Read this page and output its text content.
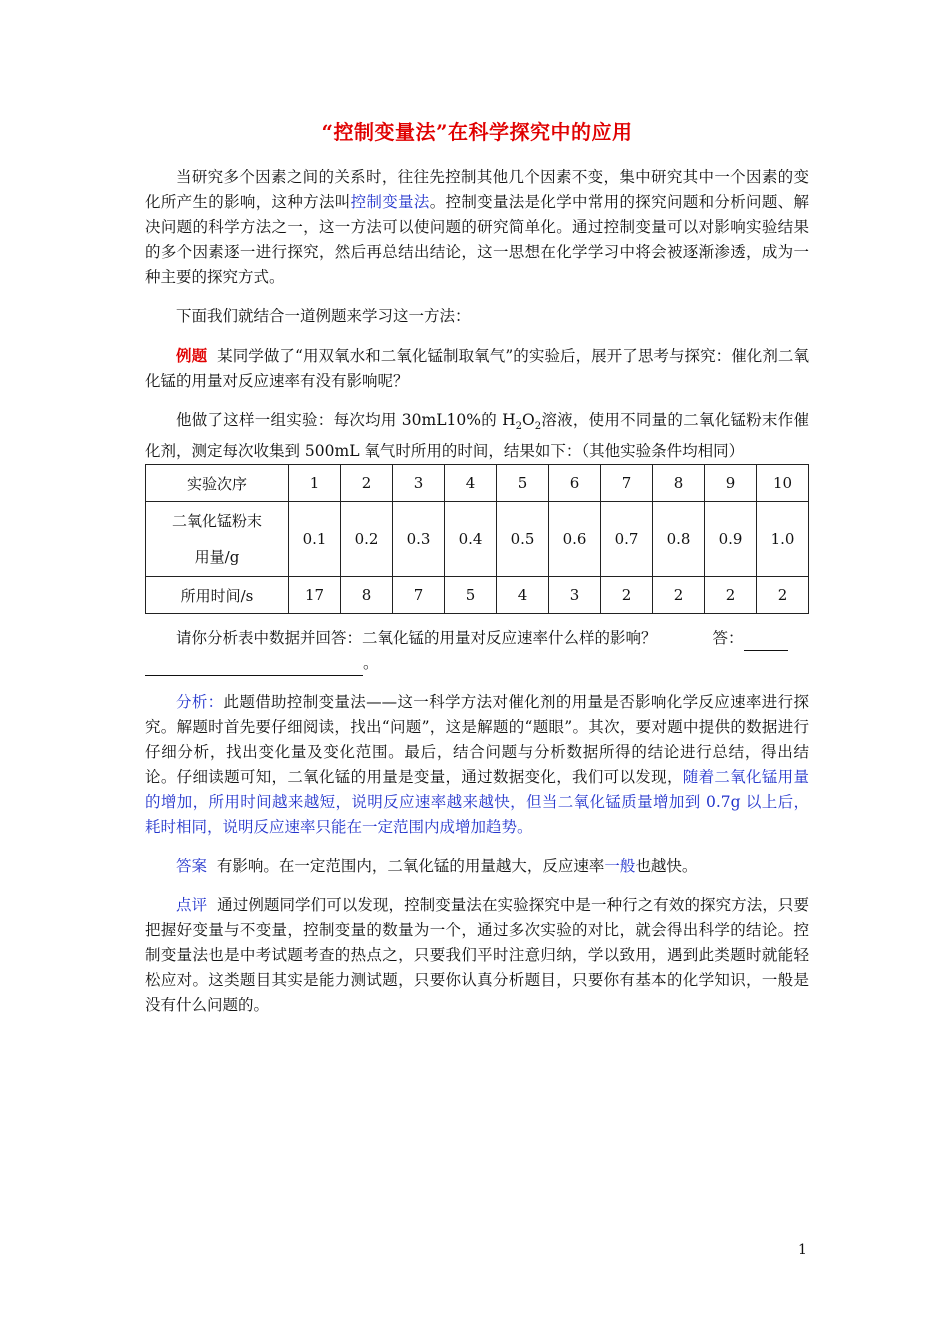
“控制变量法”在科学探究中的应用

当研究多个因素之间的关系时，往往先控制其他几个因素不变，集中研究其中一个因素的变化所产生的影响，这种方法叫控制变量法。控制变量法是化学中常用的探究问题和分析问题、解决问题的科学方法之一，这一方法可以使问题的研究简单化。通过控制变量可以对影响实验结果的多个因素逐一进行探究，然后再总结出结论，这一思想在化学学习中将会被逐渐渗透，成为一种主要的探究方式。

下面我们就结合一道例题来学习这一方法：

例题 某同学做了“用双氧水和二氧化锰制取氧气”的实验后，展开了思考与探究：催化剂二氧化锰的用量对反应速率有没有影响呢？

他做了这样一组实验：每次均用 30mL10%的 $H_2O_2$溶液，使用不同量的二氧化锰粉末作催化剂，测定每次收集到 500mL 氧气时所用的时间，结果如下：（其他实验条件均相同）

实验次序	1	2	3	4	5	6	7	8	9	10
二氧化锰粉末
用量/g	0.1	0.2	0.3	0.4	0.5	0.6	0.7	0.8	0.9	1.0
所用时间/s	17	8	7	5	4	3	2	2	2	2

请你分析表中数据并回答：二氧化锰的用量对反应速率什么样的影响？	答：
。

分析：此题借助控制变量法——这一科学方法对催化剂的用量是否影响化学反应速率进行探究。解题时首先要仔细阅读，找出“问题”，这是解题的“题眼”。其次，要对题中提供的数据进行仔细分析，找出变化量及变化范围。最后，结合问题与分析数据所得的结论进行总结，得出结论。仔细读题可知，二氧化锰的用量是变量，通过数据变化，我们可以发现，随着二氧化锰用量的增加，所用时间越来越短，说明反应速率越来越快，但当二氧化锰质量增加到 0.7g 以上后，耗时相同，说明反应速率只能在一定范围内成增加趋势。

答案 有影响。在一定范围内，二氧化锰的用量越大，反应速率一般也越快。

点评 通过例题同学们可以发现，控制变量法在实验探究中是一种行之有效的探究方法，只要把握好变量与不变量，控制变量的数量为一个，通过多次实验的对比，就会得出科学的结论。控制变量法也是中考试题考查的热点之，只要我们平时注意归纳，学以致用，遇到此类题时就能轻松应对。这类题目其实是能力测试题，只要你认真分析题目，只要你有基本的化学知识，一般是没有什么问题的。

1
